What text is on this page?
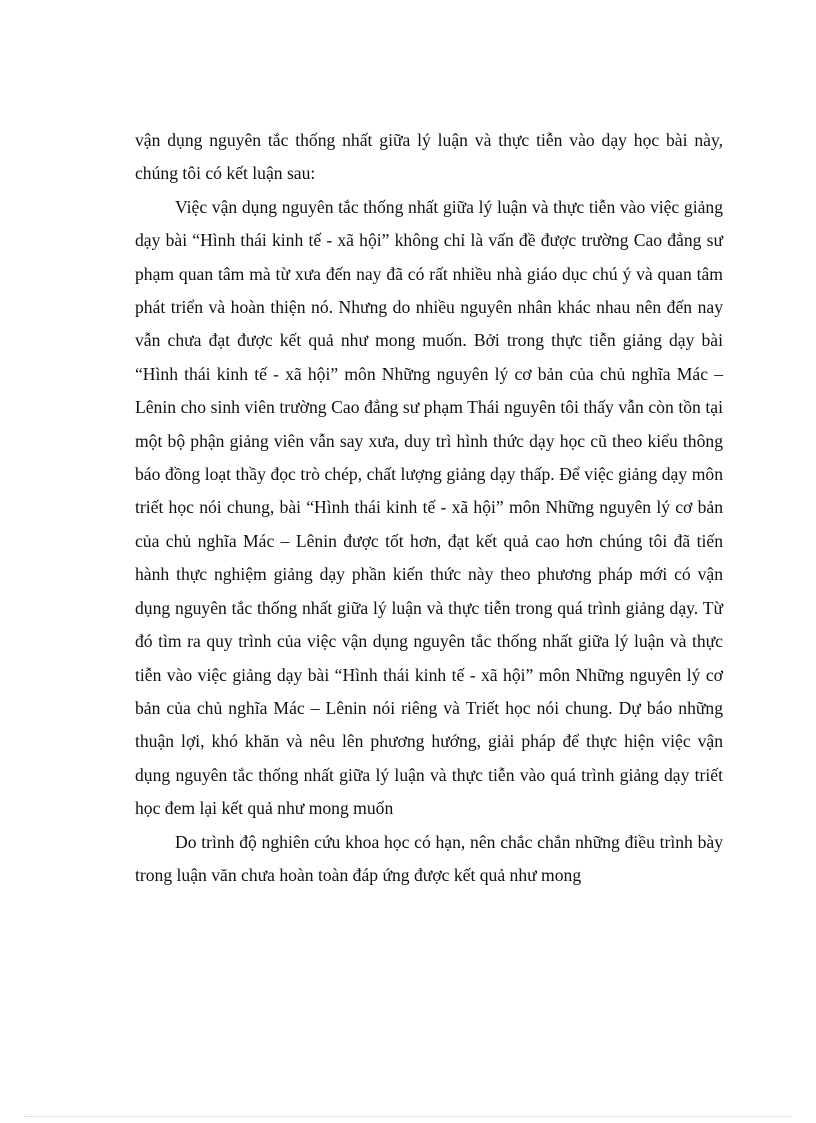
vận dụng nguyên tắc thống nhất giữa lý luận và thực tiễn vào dạy học bài này, chúng tôi có kết luận sau:

Việc vận dụng nguyên tắc thống nhất giữa lý luận và thực tiễn vào việc giảng dạy bài “Hình thái kinh tế - xã hội” không chỉ là vấn đề được trường Cao đẳng sư phạm quan tâm mà từ xưa đến nay đã có rất nhiều nhà giáo dục chú ý và quan tâm phát triển và hoàn thiện nó. Nhưng do nhiều nguyên nhân khác nhau nên đến nay vẫn chưa đạt được kết quả như mong muốn. Bởi trong thực tiễn giảng dạy bài “Hình thái kinh tế - xã hội” môn Những nguyên lý cơ bản của chủ nghĩa Mác – Lênin cho sinh viên trường Cao đẳng sư phạm Thái nguyên tôi thấy vẫn còn tồn tại một bộ phận giảng viên vẫn say xưa, duy trì hình thức dạy học cũ theo kiểu thông báo đồng loạt thầy đọc trò chép, chất lượng giảng dạy thấp. Để việc giảng dạy môn triết học nói chung, bài “Hình thái kinh tế - xã hội” môn Những nguyên lý cơ bản của chủ nghĩa Mác – Lênin được tốt hơn, đạt kết quả cao hơn chúng tôi đã tiến hành thực nghiệm giảng dạy phần kiến thức này theo phương pháp mới có vận dụng nguyên tắc thống nhất giữa lý luận và thực tiễn trong quá trình giảng dạy. Từ đó tìm ra quy trình của việc vận dụng nguyên tắc thống nhất giữa lý luận và thực tiễn vào việc giảng dạy bài “Hình thái kinh tế - xã hội” môn Những nguyên lý cơ bản của chủ nghĩa Mác – Lênin nói riêng và Triết học nói chung. Dự báo những thuận lợi, khó khăn và nêu lên phương hướng, giải pháp để thực hiện việc vận dụng nguyên tắc thống nhất giữa lý luận và thực tiễn vào quá trình giảng dạy triết học đem lại kết quả như mong muốn

Do trình độ nghiên cứu khoa học có hạn, nên chắc chắn những điều trình bày trong luận văn chưa hoàn toàn đáp ứng được kết quả như mong
